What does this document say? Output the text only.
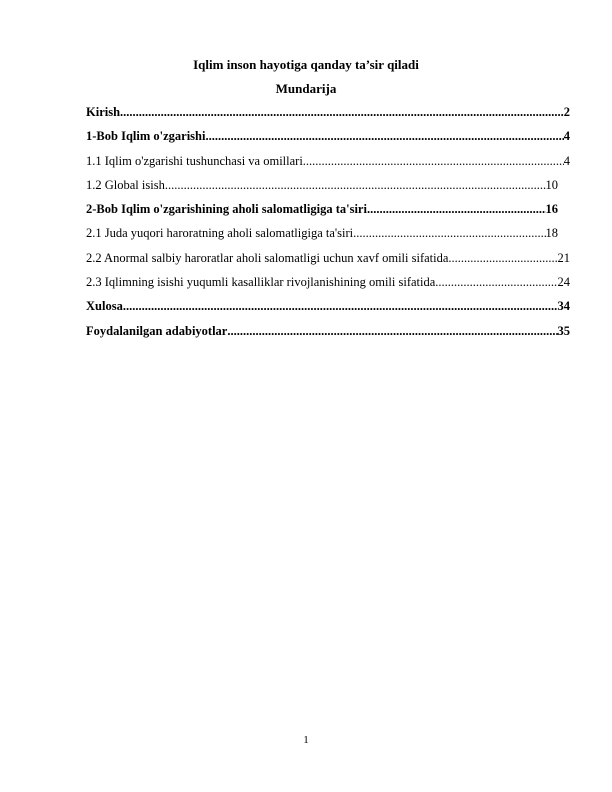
Iqlim inson hayotiga qanday ta’sir qiladi
Mundarija
Kirish .....	2
1-Bob Iqlim o'zgarishi .....	4
1.1 Iqlim o'zgarishi tushunchasi va omillari .....	4
1.2 Global isish .....	10
2-Bob Iqlim o'zgarishining aholi salomatligiga ta'siri .....	16
2.1 Juda yuqori haroratning aholi salomatligiga ta'siri .....	18
2.2 Anormal salbiy haroratlar aholi salomatligi uchun xavf omili sifatida .....	21
2.3 Iqlimning isishi yuqumli kasalliklar rivojlanishining omili sifatida .....	24
Xulosa .....	34
Foydalanilgan adabiyotlar .....	35
1
